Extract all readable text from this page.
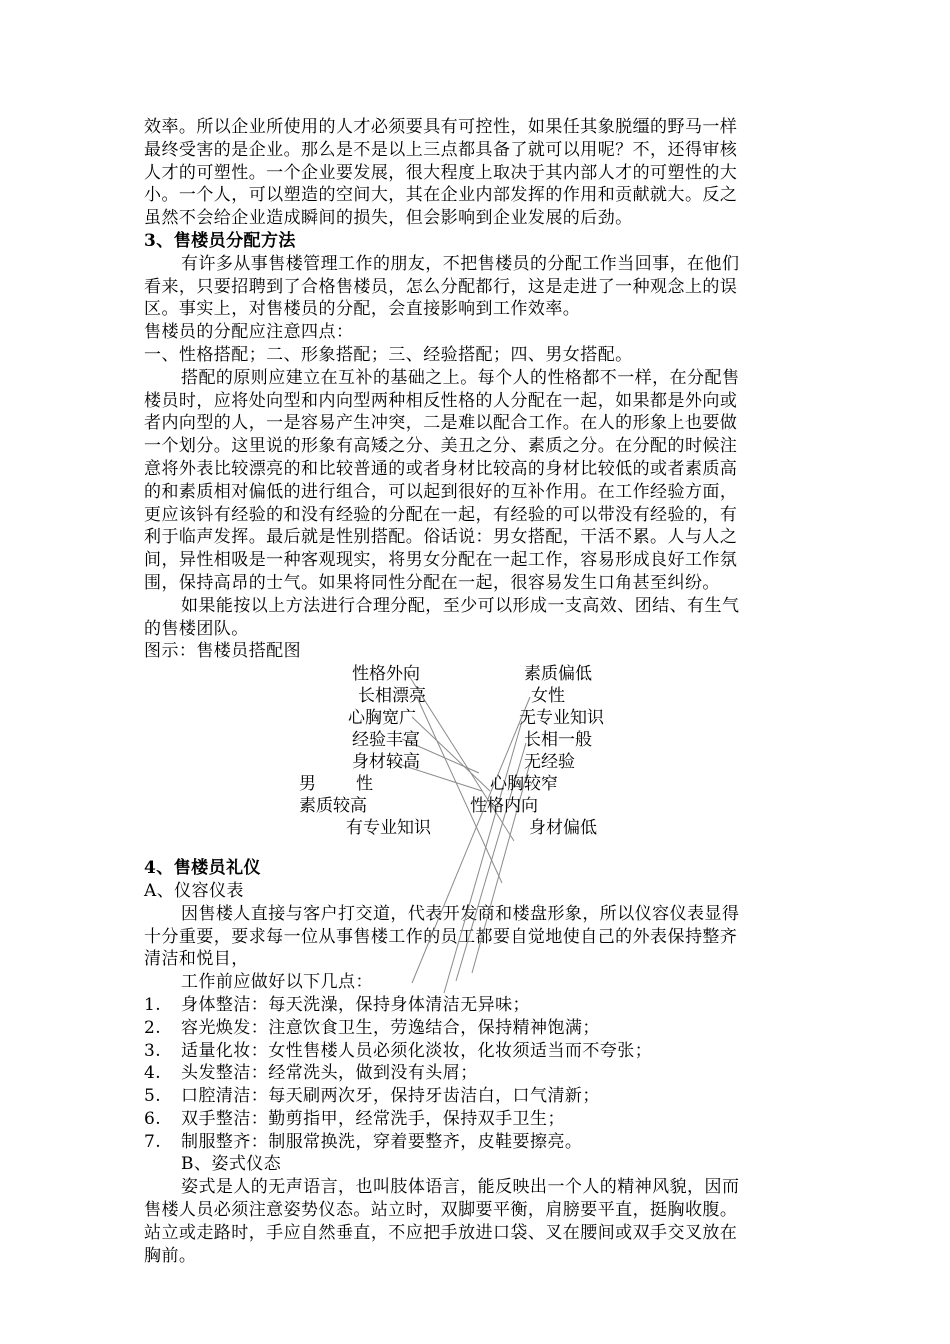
效率。所以企业所使用的人才必须要具有可控性，如果任其象脱缰的野马一样
最终受害的是企业。那么是不是以上三点都具备了就可以用呢？不，还得审核
人才的可塑性。一个企业要发展，很大程度上取决于其内部人才的可塑性的大
小。一个人，可以塑造的空间大，其在企业内部发挥的作用和贡献就大。反之
虽然不会给企业造成瞬间的损失，但会影响到企业发展的后劲。
3、售楼员分配方法
有许多从事售楼管理工作的朋友，不把售楼员的分配工作当回事，在他们
看来，只要招聘到了合格售楼员，怎么分配都行，这是走进了一种观念上的误
区。事实上，对售楼员的分配，会直接影响到工作效率。
售楼员的分配应注意四点：
一、性格搭配；二、形象搭配；三、经验搭配；四、男女搭配。
搭配的原则应建立在互补的基础之上。每个人的性格都不一样，在分配售
楼员时，应将处向型和内向型两种相反性格的人分配在一起，如果都是外向或
者内向型的人，一是容易产生冲突，二是难以配合工作。在人的形象上也要做
一个划分。这里说的形象有高矮之分、美丑之分、素质之分。在分配的时候注
意将外表比较漂亮的和比较普通的或者身材比较高的身材比较低的或者素质高
的和素质相对偏低的进行组合，可以起到很好的互补作用。在工作经验方面，
更应该钭有经验的和没有经验的分配在一起，有经验的可以带没有经验的，有
利于临声发挥。最后就是性别搭配。俗话说：男女搭配，干活不累。人与人之
间，异性相吸是一种客观现实，将男女分配在一起工作，容易形成良好工作氛
围，保持高昂的士气。如果将同性分配在一起，很容易发生口角甚至纠纷。
如果能按以上方法进行合理分配，至少可以形成一支高效、团结、有生气
的售楼团队。
图示：售楼员搭配图
性格外向
长相漂亮
心胸宽广
经验丰富
身材较高
男 性
素质较高
有专业知识
素质偏低
女性
无专业知识
长相一般
无经验
心胸较窄
性格内向
身材偏低
4、售楼员礼仪
A、仪容仪表
因售楼人直接与客户打交道，代表开发商和楼盘形象，所以仪容仪表显得
十分重要，要求每一位从事售楼工作的员工都要自觉地使自己的外表保持整齐
清洁和悦目，
工作前应做好以下几点：
1. 身体整洁：每天洗澡，保持身体清洁无异味；
2. 容光焕发：注意饮食卫生，劳逸结合，保持精神饱满；
3. 适量化妆：女性售楼人员必须化淡妆，化妆须适当而不夸张；
4. 头发整洁：经常洗头，做到没有头屑；
5. 口腔清洁：每天刷两次牙，保持牙齿洁白，口气清新；
6. 双手整洁：勤剪指甲，经常洗手，保持双手卫生；
7. 制服整齐：制服常换洗，穿着要整齐，皮鞋要擦亮。
B、姿式仪态
姿式是人的无声语言，也叫肢体语言，能反映出一个人的精神风貌，因而
售楼人员必须注意姿势仪态。站立时，双脚要平衡，肩膀要平直，挺胸收腹。
站立或走路时，手应自然垂直，不应把手放进口袋、叉在腰间或双手交叉放在
胸前。
